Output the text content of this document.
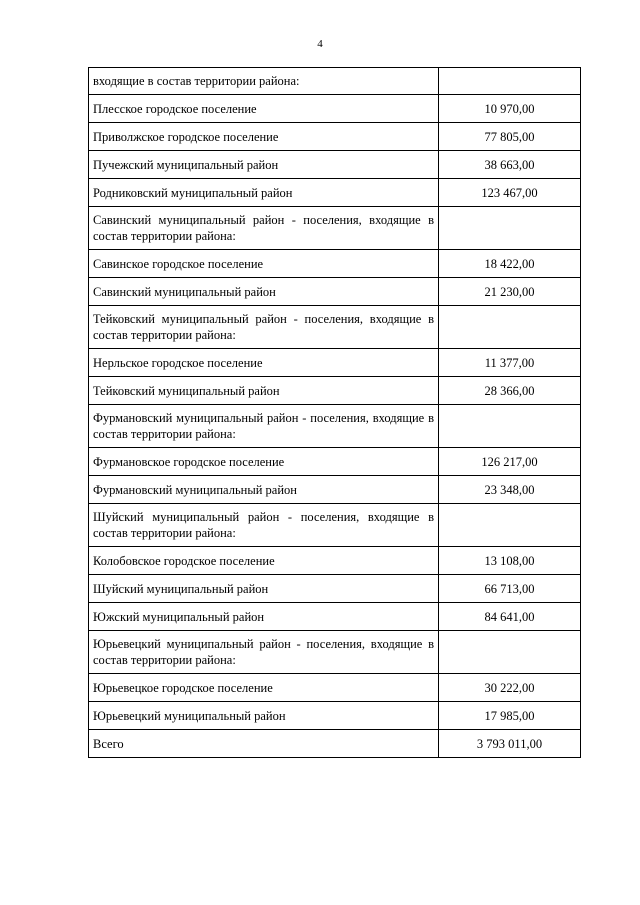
4
входящие в состав территории района:	
Плесское городское поселение	10 970,00
Приволжское городское поселение	77 805,00
Пучежский муниципальный район	38 663,00
Родниковский муниципальный район	123 467,00
Савинский муниципальный район - поселения, входящие в состав территории района:	
Савинское городское поселение	18 422,00
Савинский муниципальный район	21 230,00
Тейковский муниципальный район - поселения, входящие в состав территории района:	
Нерльское городское поселение	11 377,00
Тейковский муниципальный район	28 366,00
Фурмановский муниципальный район - поселения, входящие в состав территории района:	
Фурмановское городское поселение	126 217,00
Фурмановский муниципальный район	23 348,00
Шуйский муниципальный район - поселения, входящие в состав территории района:	
Колобовское городское поселение	13 108,00
Шуйский муниципальный район	66 713,00
Южский муниципальный район	84 641,00
Юрьевецкий муниципальный район - поселения, входящие в состав территории района:	
Юрьевецкое городское поселение	30 222,00
Юрьевецкий муниципальный район	17 985,00
Всего	3 793 011,00
